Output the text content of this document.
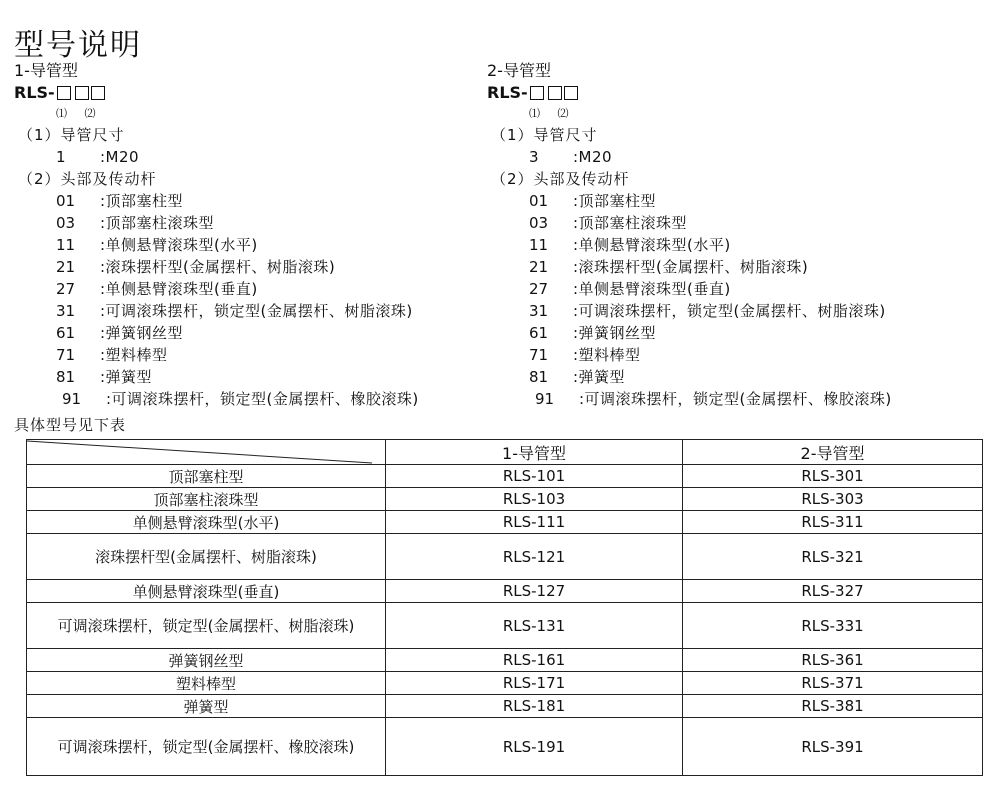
型号说明
1-导管型
RLS-
⑴ ⑵
（1）导管尺寸
1	:M20
（2）头部及传动杆
01	:顶部塞柱型
03	:顶部塞柱滚珠型
11	:单侧悬臂滚珠型(水平)
21	:滚珠摆杆型(金属摆杆、树脂滚珠)
27	:单侧悬臂滚珠型(垂直)
31	:可调滚珠摆杆，锁定型(金属摆杆、树脂滚珠)
61	:弹簧钢丝型
71	:塑料棒型
81	:弹簧型
91	:可调滚珠摆杆，锁定型(金属摆杆、橡胶滚珠)
2-导管型
RLS-
⑴ ⑵
（1）导管尺寸
3	:M20
（2）头部及传动杆
01	:顶部塞柱型
03	:顶部塞柱滚珠型
11	:单侧悬臂滚珠型(水平)
21	:滚珠摆杆型(金属摆杆、树脂滚珠)
27	:单侧悬臂滚珠型(垂直)
31	:可调滚珠摆杆，锁定型(金属摆杆、树脂滚珠)
61	:弹簧钢丝型
71	:塑料棒型
81	:弹簧型
91	:可调滚珠摆杆，锁定型(金属摆杆、橡胶滚珠)
具体型号见下表
	1-导管型	2-导管型
顶部塞柱型	RLS-101	RLS-301
顶部塞柱滚珠型	RLS-103	RLS-303
单侧悬臂滚珠型(水平)	RLS-111	RLS-311
滚珠摆杆型(金属摆杆、树脂滚珠)	RLS-121	RLS-321
单侧悬臂滚珠型(垂直)	RLS-127	RLS-327
可调滚珠摆杆，锁定型(金属摆杆、树脂滚珠)	RLS-131	RLS-331
弹簧钢丝型	RLS-161	RLS-361
塑料棒型	RLS-171	RLS-371
弹簧型	RLS-181	RLS-381
可调滚珠摆杆，锁定型(金属摆杆、橡胶滚珠)	RLS-191	RLS-391
